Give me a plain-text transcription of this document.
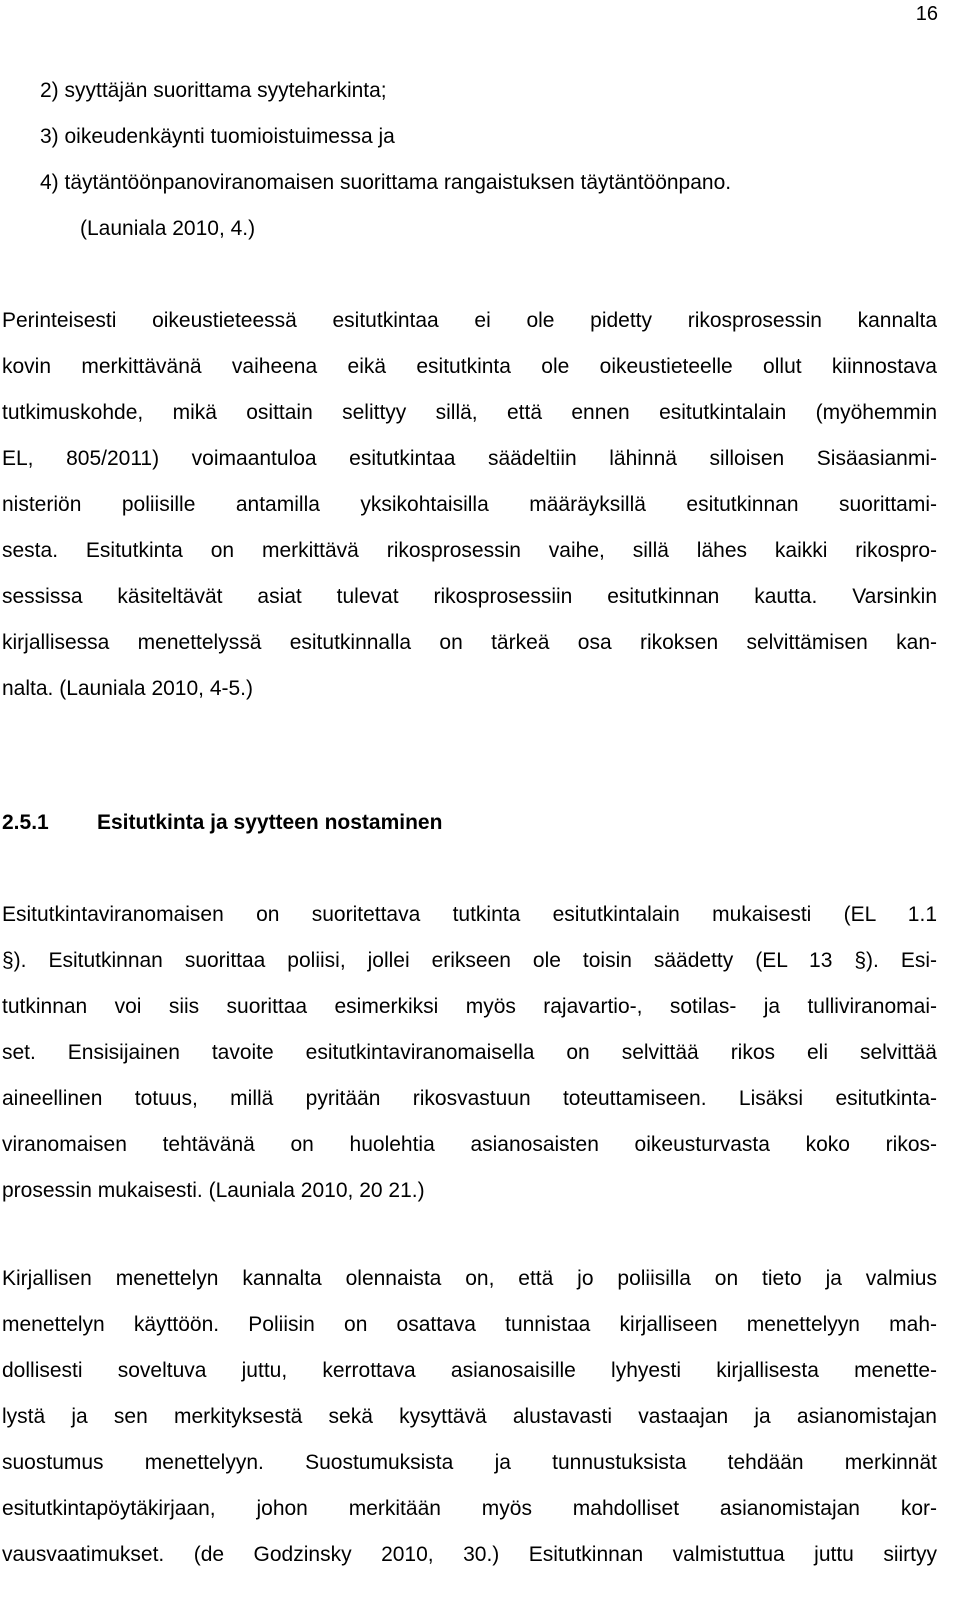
16
2) syyttäjän suorittama syyteharkinta;
3) oikeudenkäynti tuomioistuimessa ja
4) täytäntöönpanoviranomaisen suorittama rangaistuksen täytäntöönpano.
(Launiala 2010, 4.)
Perinteisesti oikeustieteessä esitutkintaa ei ole pidetty rikosprosessin kannalta
kovin merkittävänä vaiheena eikä esitutkinta ole oikeustieteelle ollut kiinnostava
tutkimuskohde, mikä osittain selittyy sillä, että ennen esitutkintalain (myöhemmin
EL, 805/2011) voimaantuloa esitutkintaa säädeltiin lähinnä silloisen Sisäasianmi-
nisteriön poliisille antamilla yksikohtaisilla määräyksillä esitutkinnan suorittami-
sesta. Esitutkinta on merkittävä rikosprosessin vaihe, sillä lähes kaikki rikospro-
sessissa käsiteltävät asiat tulevat rikosprosessiin esitutkinnan kautta. Varsinkin
kirjallisessa menettelyssä esitutkinnalla on tärkeä osa rikoksen selvittämisen kan-
nalta. (Launiala 2010, 4-5.)
2.5.1 Esitutkinta ja syytteen nostaminen
Esitutkintaviranomaisen on suoritettava tutkinta esitutkintalain mukaisesti (EL 1.1
§). Esitutkinnan suorittaa poliisi, jollei erikseen ole toisin säädetty (EL 13 §). Esi-
tutkinnan voi siis suorittaa esimerkiksi myös rajavartio-, sotilas- ja tulliviranomai-
set. Ensisijainen tavoite esitutkintaviranomaisella on selvittää rikos eli selvittää
aineellinen totuus, millä pyritään rikosvastuun toteuttamiseen. Lisäksi esitutkinta-
viranomaisen tehtävänä on huolehtia asianosaisten oikeusturvasta koko rikos-
prosessin mukaisesti. (Launiala 2010, 20 21.)
Kirjallisen menettelyn kannalta olennaista on, että jo poliisilla on tieto ja valmius
menettelyn käyttöön. Poliisin on osattava tunnistaa kirjalliseen menettelyyn mah-
dollisesti soveltuva juttu, kerrottava asianosaisille lyhyesti kirjallisesta menette-
lystä ja sen merkityksestä sekä kysyttävä alustavasti vastaajan ja asianomistajan
suostumus menettelyyn. Suostumuksista ja tunnustuksista tehdään merkinnät
esitutkintapöytäkirjaan, johon merkitään myös mahdolliset asianomistajan kor-
vausvaatimukset. (de Godzinsky 2010, 30.) Esitutkinnan valmistuttua juttu siirtyy
